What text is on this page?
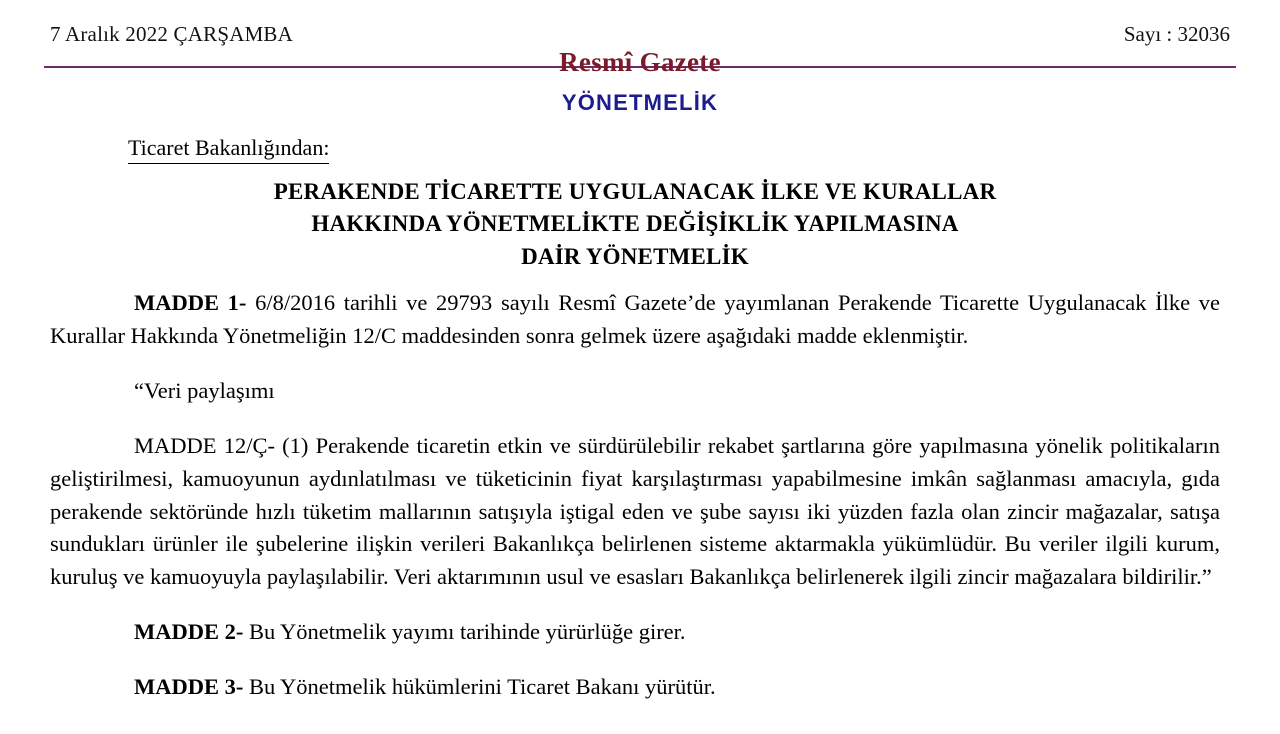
7 Aralık 2022 ÇARŞAMBA	Sayı : 32036
Resmî Gazete
YÖNETMELİK
Ticaret Bakanlığından:
PERAKENDE TİCARETTE UYGULANACAK İLKE VE KURALLAR
HAKKINDA YÖNETMELİKTE DEĞİŞİKLİK YAPILMASINA
DAİR YÖNETMELİK

MADDE 1- 6/8/2016 tarihli ve 29793 sayılı Resmî Gazete’de yayımlanan Perakende Ticarette Uygulanacak İlke ve Kurallar Hakkında Yönetmeliğin 12/C maddesinden sonra gelmek üzere aşağıdaki madde eklenmiştir.

“Veri paylaşımı

MADDE 12/Ç- (1) Perakende ticaretin etkin ve sürdürülebilir rekabet şartlarına göre yapılmasına yönelik politikaların geliştirilmesi, kamuoyunun aydınlatılması ve tüketicinin fiyat karşılaştırması yapabilmesine imkân sağlanması amacıyla, gıda perakende sektöründe hızlı tüketim mallarının satışıyla iştigal eden ve şube sayısı iki yüzden fazla olan zincir mağazalar, satışa sundukları ürünler ile şubelerine ilişkin verileri Bakanlıkça belirlenen sisteme aktarmakla yükümlüdür. Bu veriler ilgili kurum, kuruluş ve kamuoyuyla paylaşılabilir. Veri aktarımının usul ve esasları Bakanlıkça belirlenerek ilgili zincir mağazalara bildirilir.”

MADDE 2- Bu Yönetmelik yayımı tarihinde yürürlüğe girer.

MADDE 3- Bu Yönetmelik hükümlerini Ticaret Bakanı yürütür.
